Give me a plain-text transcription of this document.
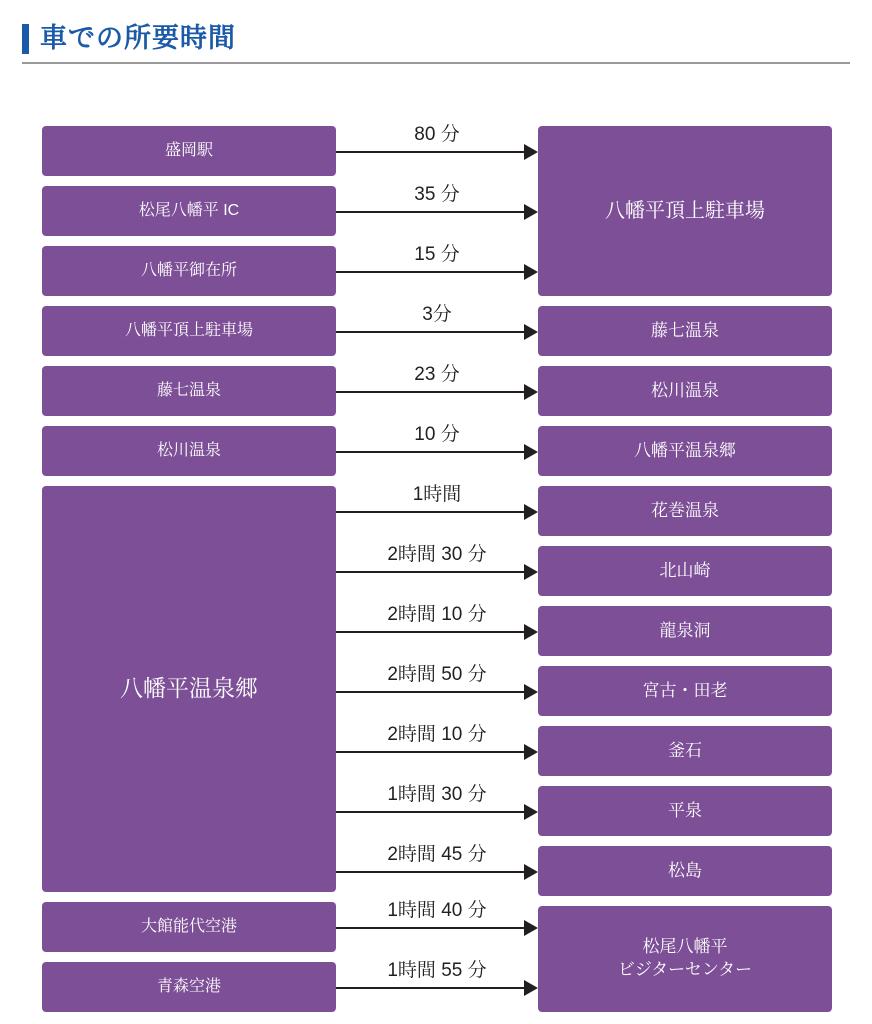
車での所要時間
盛岡駅
松尾八幡平 IC
八幡平御在所
八幡平頂上駐車場
藤七温泉
松川温泉
八幡平温泉郷
大館能代空港
青森空港
八幡平頂上駐車場
藤七温泉
松川温泉
八幡平温泉郷
花巻温泉
北山崎
龍泉洞
宮古・田老
釜石
平泉
松島
松尾八幡平
ビジターセンター
80 分
35 分
15 分
3分
23 分
10 分
1時間
2時間 30 分
2時間 10 分
2時間 50 分
2時間 10 分
1時間 30 分
2時間 45 分
1時間 40 分
1時間 55 分
